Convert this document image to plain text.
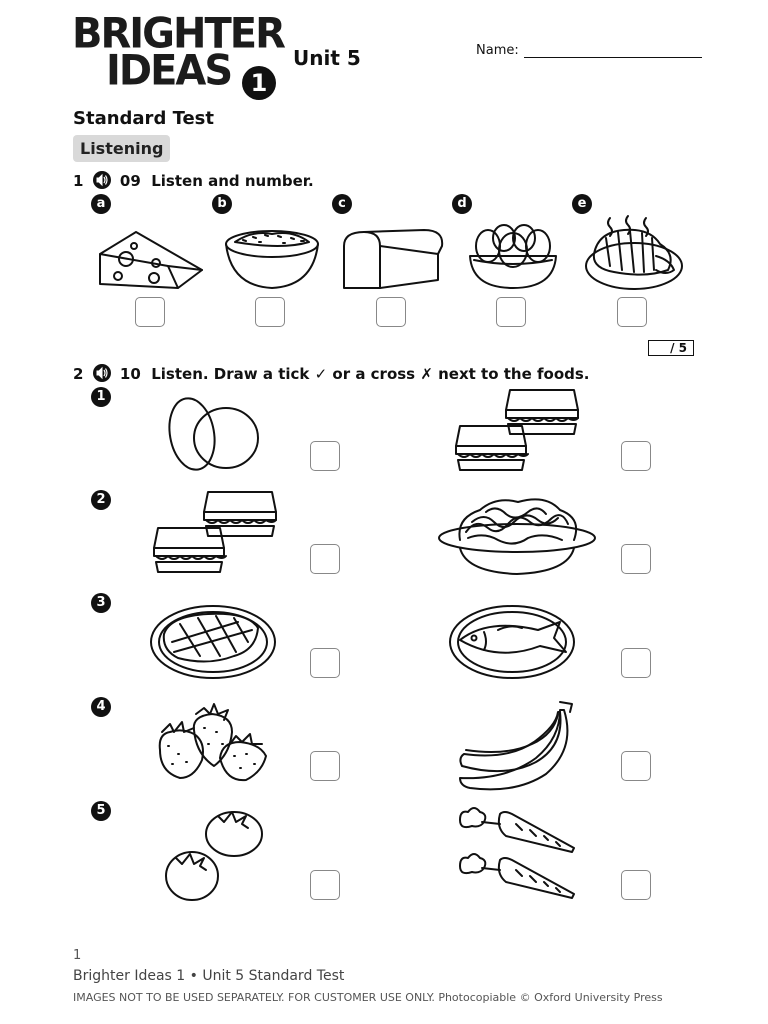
BRIGHTER
IDEAS 1
Unit 5	Name:
Standard Test
Listening
1 09 Listen and number.
a	b	c	d	e
/ 5
2 10 Listen. Draw a tick ✓ or a cross ✗ next to the foods.
1
2
3
4
5
1
Brighter Ideas 1 • Unit 5 Standard Test
IMAGES NOT TO BE USED SEPARATELY. FOR CUSTOMER USE ONLY. Photocopiable © Oxford University Press
